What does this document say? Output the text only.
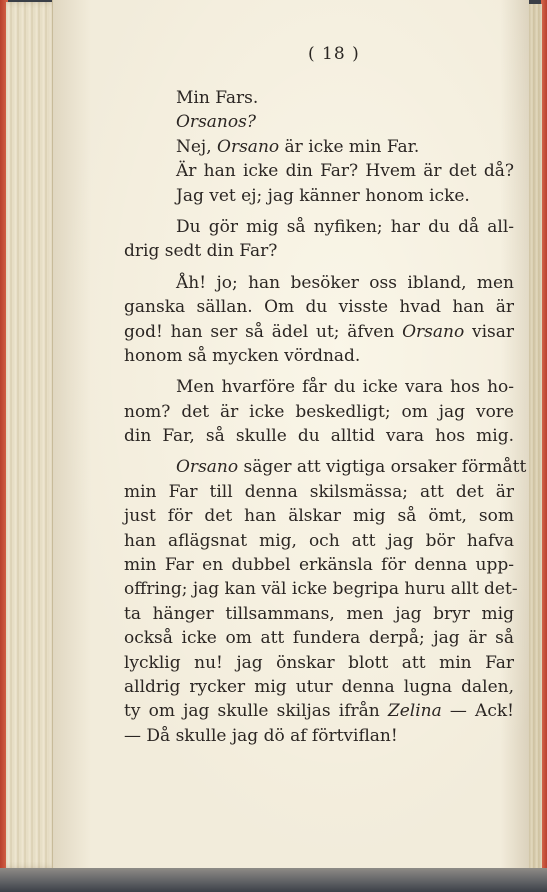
( 18 )
Min Fars.
Orsanos?
Nej, Orsano är icke min Far.
Är han icke din Far? Hvem är det då?
Jag vet ej; jag känner honom icke.
Du gör mig så nyfiken; har du då all-
drig sedt din Far?
Åh! jo; han besöker oss ibland, men
ganska sällan. Om du visste hvad han är
god! han ser så ädel ut; äfven Orsano visar
honom så mycken vördnad.
Men hvarföre får du icke vara hos ho-
nom? det är icke beskedligt; om jag vore
din Far, så skulle du alltid vara hos mig.
Orsano säger att vigtiga orsaker förmått
min Far till denna skilsmässa; att det är
just för det han älskar mig så ömt, som
han aflägsnat mig, och att jag bör hafva
min Far en dubbel erkänsla för denna upp-
offring; jag kan väl icke begripa huru allt det-
ta hänger tillsammans, men jag bryr mig
också icke om att fundera derpå; jag är så
lycklig nu! jag önskar blott att min Far
alldrig rycker mig utur denna lugna dalen,
ty om jag skulle skiljas ifrån Zelina — Ack!
— Då skulle jag dö af förtviflan!
